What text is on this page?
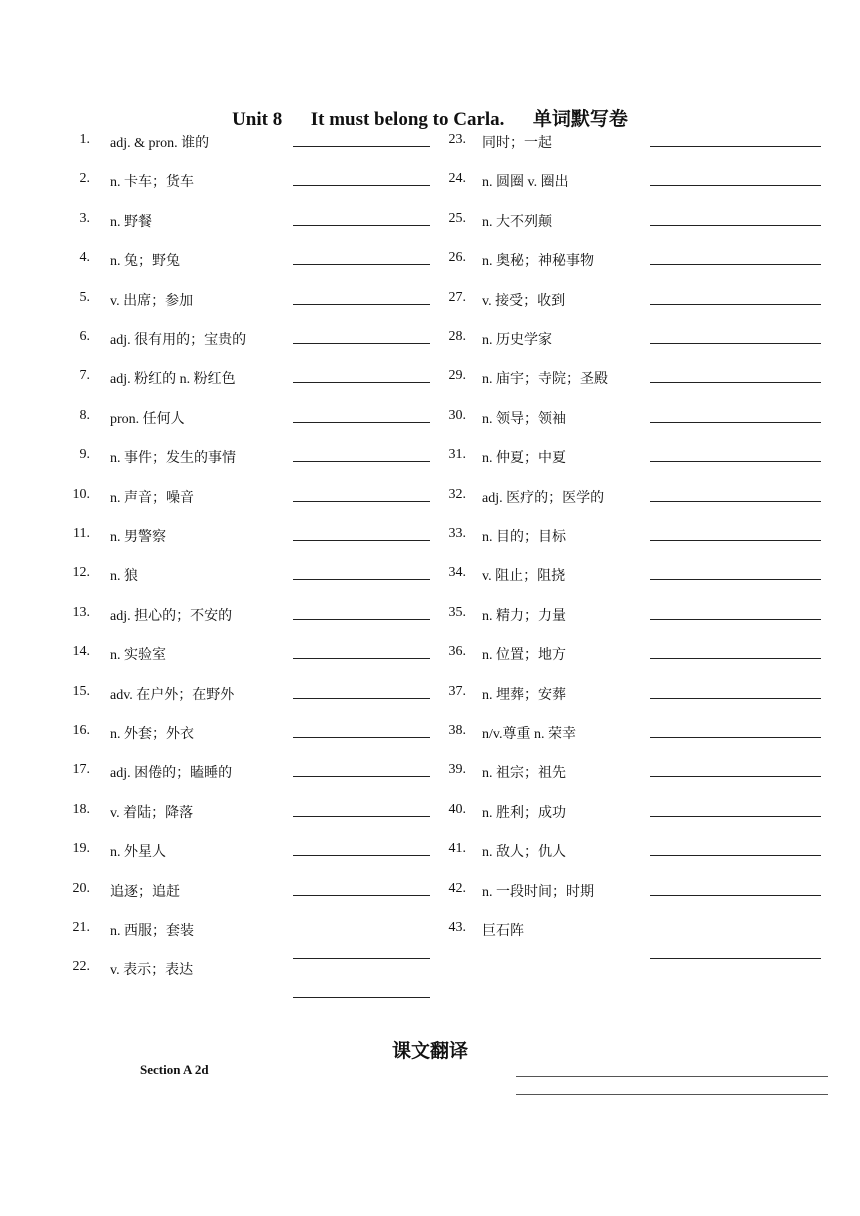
Unit 8      It must belong to Carla.      单词默写卷
1. adj. & pron. 谁的
2. n. 卡车；货车
3. n. 野餐
4. n. 兔；野兔
5. v. 出席；参加
6. adj. 很有用的；宝贵的
7. adj. 粉红的 n. 粉红色
8. pron. 任何人
9. n. 事件；发生的事情
10. n. 声音；噪音
11. n. 男警察
12. n. 狼
13. adj. 担心的；不安的
14. n. 实验室
15. adv. 在户外；在野外
16. n. 外套；外衣
17. adj. 困倦的；瞌睡的
18. v. 着陆；降落
19. n. 外星人
20. 追逐；追赶
21. n. 西服；套装
22. v. 表示；表达
23. 同时；一起
24. n. 圆圈 v. 圈出
25. n. 大不列颠
26. n. 奥秘；神秘事物
27. v. 接受；收到
28. n. 历史学家
29. n. 庙宇；寺院；圣殿
30. n. 领导；领袖
31. n. 仲夏；中夏
32. adj. 医疗的；医学的
33. n. 目的；目标
34. v. 阻止；阻挠
35. n. 精力；力量
36. n. 位置；地方
37. n. 埋葬；安葬
38. n/v.尊重 n. 荣幸
39. n. 祖宗；祖先
40. n. 胜利；成功
41. n. 敌人；仇人
42. n. 一段时间；时期
43. 巨石阵
课文翻译
Section A 2d
